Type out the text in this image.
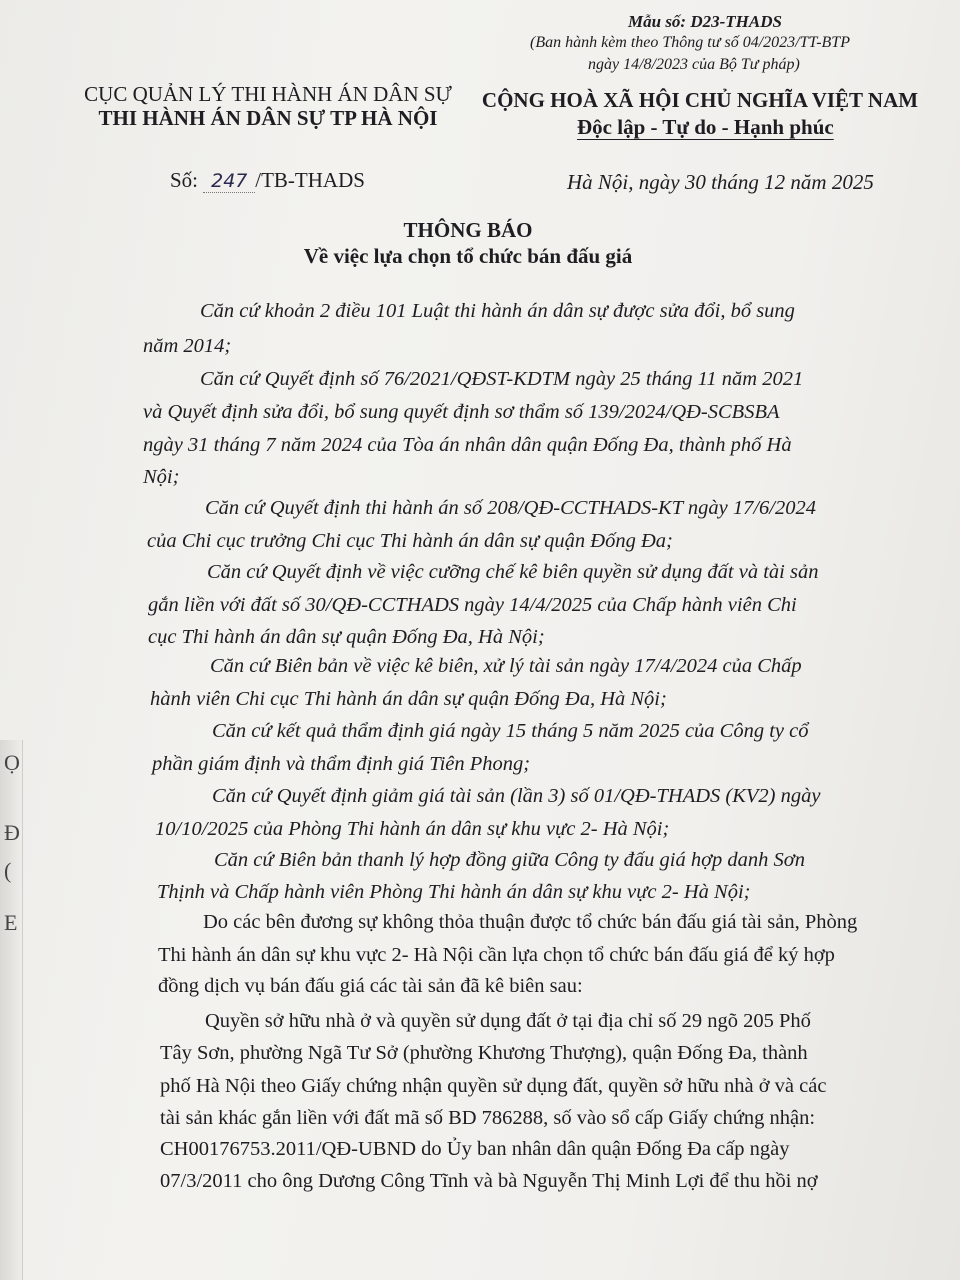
Ọ
Đ
(
E
Mẫu số: D23-THADS
(Ban hành kèm theo Thông tư số 04/2023/TT-BTP
ngày 14/8/2023 của Bộ Tư pháp)
CỤC QUẢN LÝ THI HÀNH ÁN DÂN SỰ
THI HÀNH ÁN DÂN SỰ TP HÀ NỘI
CỘNG HOÀ XÃ HỘI CHỦ NGHĨA VIỆT NAM
Độc lập - Tự do - Hạnh phúc
Số: 247 /TB-THADS	Hà Nội, ngày 30 tháng 12 năm 2025
THÔNG BÁO
Về việc lựa chọn tổ chức bán đấu giá
Căn cứ khoản 2 điều 101 Luật thi hành án dân sự được sửa đổi, bổ sung
năm 2014;
Căn cứ Quyết định số 76/2021/QĐST-KDTM ngày 25 tháng 11 năm 2021
và Quyết định sửa đổi, bổ sung quyết định sơ thẩm số 139/2024/QĐ-SCBSBA
ngày 31 tháng 7 năm 2024 của Tòa án nhân dân quận Đống Đa, thành phố Hà
Nội;
Căn cứ Quyết định thi hành án số 208/QĐ-CCTHADS-KT ngày 17/6/2024
của Chi cục trưởng Chi cục Thi hành án dân sự quận Đống Đa;
Căn cứ Quyết định về việc cưỡng chế kê biên quyền sử dụng đất và tài sản
gắn liền với đất số 30/QĐ-CCTHADS ngày 14/4/2025 của Chấp hành viên Chi
cục Thi hành án dân sự quận Đống Đa, Hà Nội;
Căn cứ Biên bản về việc kê biên, xử lý tài sản ngày 17/4/2024 của Chấp
hành viên Chi cục Thi hành án dân sự quận Đống Đa, Hà Nội;
Căn cứ kết quả thẩm định giá ngày 15 tháng 5 năm 2025 của Công ty cổ
phần giám định và thẩm định giá Tiên Phong;
Căn cứ Quyết định giảm giá tài sản (lần 3) số 01/QĐ-THADS (KV2) ngày
10/10/2025 của Phòng Thi hành án dân sự khu vực 2- Hà Nội;
Căn cứ Biên bản thanh lý hợp đồng giữa Công ty đấu giá hợp danh Sơn
Thịnh và Chấp hành viên Phòng Thi hành án dân sự khu vực 2- Hà Nội;
Do các bên đương sự không thỏa thuận được tổ chức bán đấu giá tài sản, Phòng
Thi hành án dân sự khu vực 2- Hà Nội cần lựa chọn tổ chức bán đấu giá để ký hợp
đồng dịch vụ bán đấu giá các tài sản đã kê biên sau:
Quyền sở hữu nhà ở và quyền sử dụng đất ở tại địa chỉ số 29 ngõ 205 Phố
Tây Sơn, phường Ngã Tư Sở (phường Khương Thượng), quận Đống Đa, thành
phố Hà Nội theo Giấy chứng nhận quyền sử dụng đất, quyền sở hữu nhà ở và các
tài sản khác gắn liền với đất mã số BD 786288, số vào sổ cấp Giấy chứng nhận:
CH00176753.2011/QĐ-UBND do Ủy ban nhân dân quận Đống Đa cấp ngày
07/3/2011 cho ông Dương Công Tĩnh và bà Nguyễn Thị Minh Lợi để thu hồi nợ
